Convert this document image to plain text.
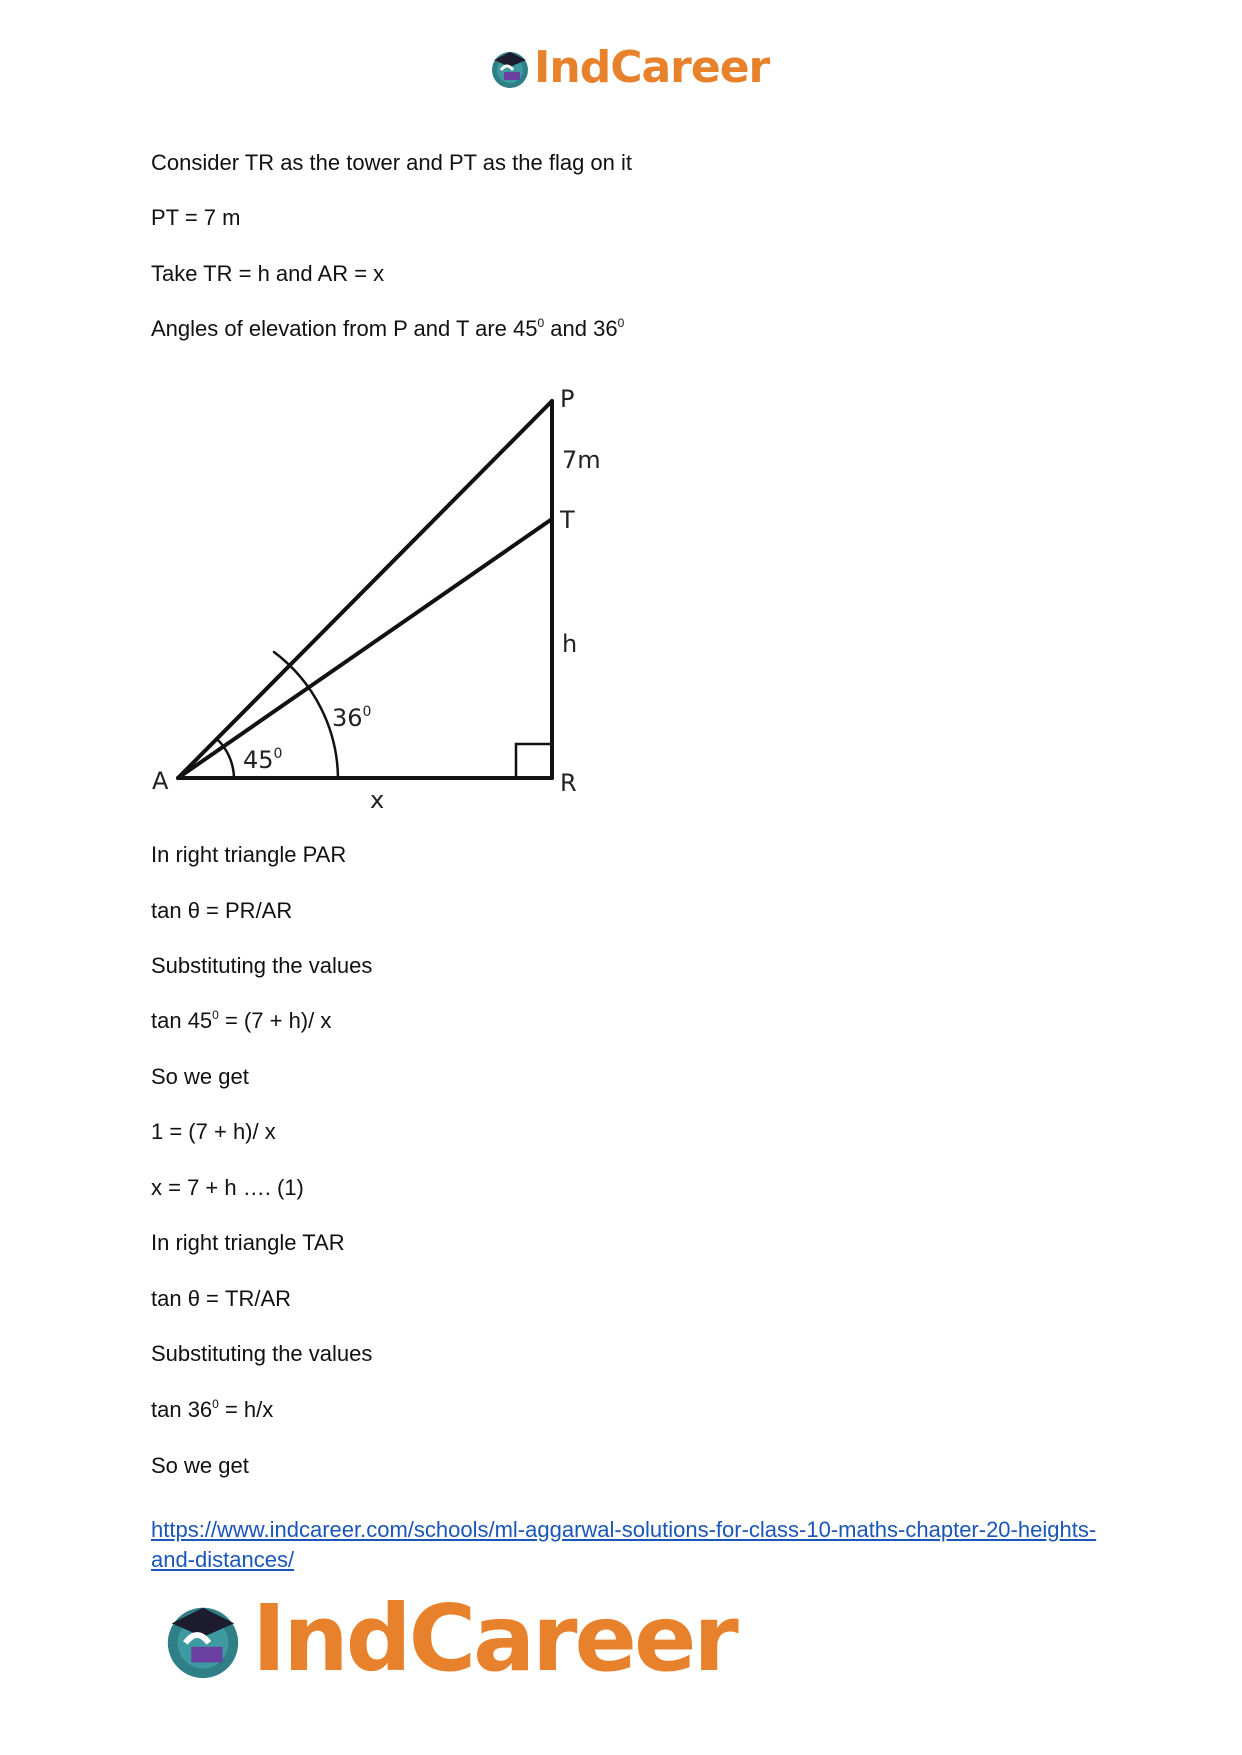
IndCareer
Consider TR as the tower and PT as the flag on it
PT = 7 m
Take TR = h and AR = x
Angles of elevation from P and T are $45^0$ and $36^0$
In right triangle PAR
tan θ = PR/AR
Substituting the values
$\tan 45^0 = (7 + h)/$ x
So we get
1 = (7 + h)/ x
x = 7 + h …. (1)
In right triangle TAR
tan θ = TR/AR
Substituting the values
$\tan 36^0 = h/x$
So we get
P
7m
T
h
R
A
x
$45^0$
$36^0$
https://www.indcareer.com/schools/ml-aggarwal-solutions-for-class-10-maths-chapter-20-heights-and-distances/
IndCareer
